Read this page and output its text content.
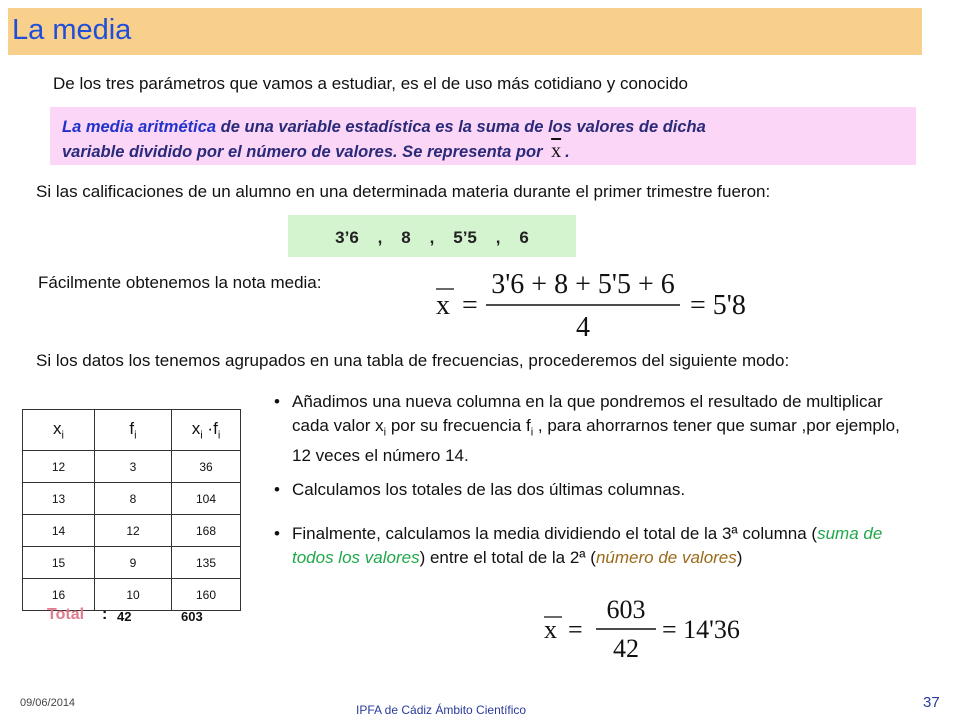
La media
De los tres parámetros que vamos a estudiar, es el de uso más cotidiano y conocido
La media aritmética de una variable estadística es la suma de los valores de dicha
variable dividido por el número de valores. Se representa por $\overline{x}$ .
Si las calificaciones de un alumno en una determinada materia durante el primer trimestre fueron:
3’6    ,    8    ,    5’5    ,    6
Fácilmente obtenemos la nota media:
x =
3'6 + 8 + 5'5 + 6
4
= 5'8
Si los datos los tenemos agrupados en una tabla de frecuencias, procederemos del siguiente modo:
$x_i$	$f_i$	$x_i \cdot f_i$
12	3	36
13	8	104
14	12	168
15	9	135
16	10	160
Total : 42	603
• Añadimos una nueva columna en la que pondremos el resultado de multiplicar cada valor $x_i$ por su frecuencia $f_i$ , para ahorrarnos tener que sumar ,por ejemplo, 12 veces el número 14.
• Calculamos los totales de las dos últimas columnas.
• Finalmente, calculamos la media dividiendo el total de la 3ª columna (suma de todos los valores) entre el total de la 2ª (número de valores)
x =
603
42
= 14'36
09/06/2014	IPFA de Cádiz Ámbito Científico	37
